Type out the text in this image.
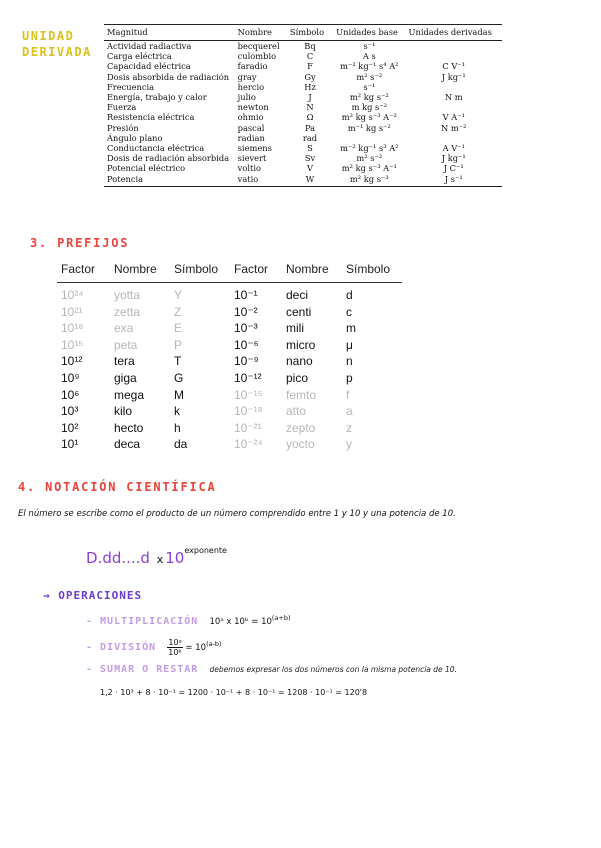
UNIDAD
DERIVADA
Magnitud	Nombre	Símbolo	Unidades base	Unidades derivadas
Actividad radiactiva	becquerel	Bq	s⁻¹	
Carga eléctrica	culombio	C	A s	
Capacidad eléctrica	faradio	F	m⁻² kg⁻¹ s⁴ A²	C V⁻¹
Dosis absorbida de radiación	gray	Gy	m² s⁻²	J kg⁻¹
Frecuencia	hercio	Hz	s⁻¹	
Energía, trabajo y calor	julio	J	m² kg s⁻²	N m
Fuerza	newton	N	m kg s⁻²	
Resistencia eléctrica	ohmio	Ω	m² kg s⁻³ A⁻²	V A⁻¹
Presión	pascal	Pa	m⁻¹ kg s⁻²	N m⁻²
Ángulo plano	radian	rad		
Conductancia eléctrica	siemens	S	m⁻² kg⁻¹ s³ A²	A V⁻¹
Dosis de radiación absorbida	sievert	Sv	m² s⁻²	J kg⁻¹
Potencial eléctrico	voltio	V	m² kg s⁻³ A⁻¹	J C⁻¹
Potencia	vatio	W	m² kg s⁻³	J s⁻¹
3. PREFIJOS
Factor	Nombre	Símbolo	Factor	Nombre	Símbolo
10²⁴	yotta	Y	10⁻¹	deci	d
10²¹	zetta	Z	10⁻²	centi	c
10¹⁸	exa	E	10⁻³	mili	m
10¹⁵	peta	P	10⁻⁶	micro	μ
10¹²	tera	T	10⁻⁹	nano	n
10⁹	giga	G	10⁻¹²	pico	p
10⁶	mega	M	10⁻¹⁵	femto	f
10³	kilo	k	10⁻¹⁸	atto	a
10²	hecto	h	10⁻²¹	zepto	z
10¹	deca	da	10⁻²⁴	yocto	y
4. NOTACIÓN CIENTÍFICA
El número se escribe como el producto de un número comprendido entre 1 y 10 y una potencia de 10.
D.dd....d x $10^{exponente}$
→ OPERACIONES
- MULTIPLICACIÓN 10ᵃ x 10ᵇ = $10^{(a+b)}$
- DIVISIÓN $\frac{\text{10ᵃ}}{\text{10ᵇ}} = 10^{(a-b)}$
- SUMAR O RESTAR debemos expresar los dos números con la misma potencia de 10.
1,2 · 10³ + 8 · 10⁻¹ = 1200 · 10⁻¹ + 8 · 10⁻¹ = 1208 · 10⁻¹ = 120'8
